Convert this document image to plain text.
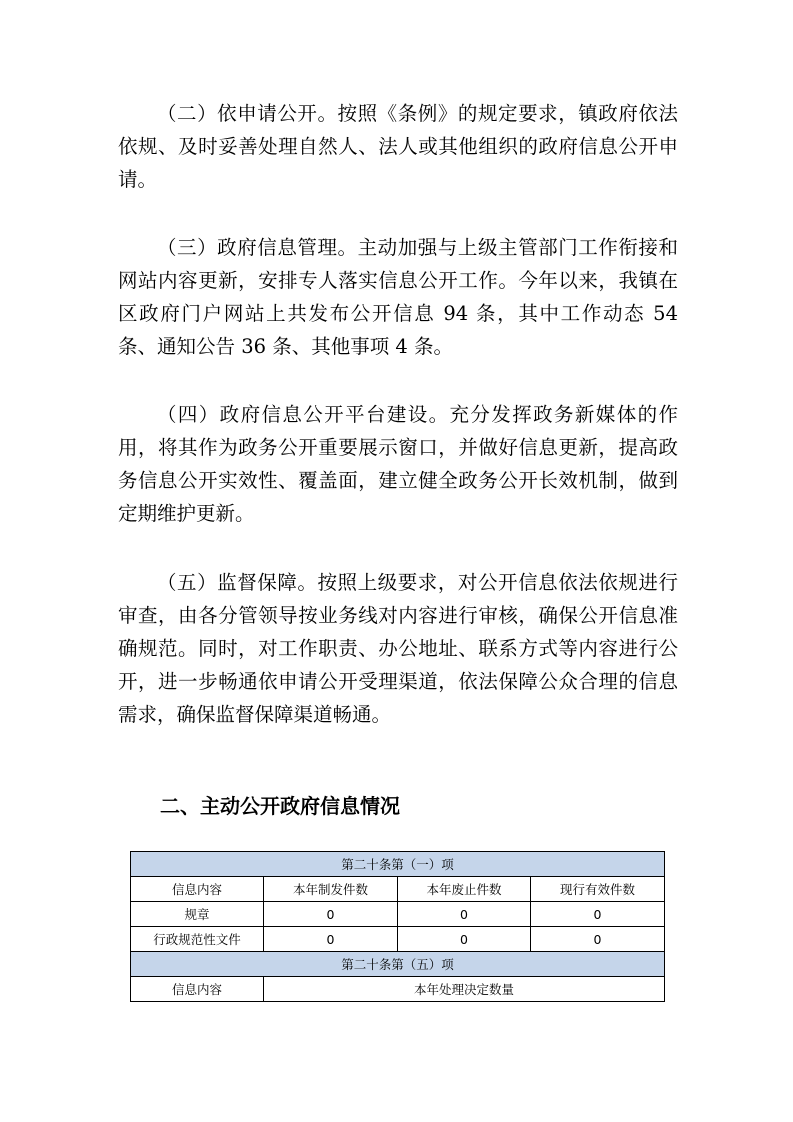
（二）依申请公开。按照《条例》的规定要求，镇政府依法依规、及时妥善处理自然人、法人或其他组织的政府信息公开申请。

（三）政府信息管理。主动加强与上级主管部门工作衔接和网站内容更新，安排专人落实信息公开工作。今年以来，我镇在区政府门户网站上共发布公开信息 94 条，其中工作动态 54 条、通知公告 36 条、其他事项 4 条。

（四）政府信息公开平台建设。充分发挥政务新媒体的作用，将其作为政务公开重要展示窗口，并做好信息更新，提高政务信息公开实效性、覆盖面，建立健全政务公开长效机制，做到定期维护更新。

（五）监督保障。按照上级要求，对公开信息依法依规进行审查，由各分管领导按业务线对内容进行审核，确保公开信息准确规范。同时，对工作职责、办公地址、联系方式等内容进行公开，进一步畅通依申请公开受理渠道，依法保障公众合理的信息需求，确保监督保障渠道畅通。

二、主动公开政府信息情况
第二十条第（一）项			
信息内容	本年制发件数	本年废止件数	现行有效件数
规章	0	0	0
行政规范性文件	0	0	0
第二十条第（五）项			
信息内容	本年处理决定数量		
